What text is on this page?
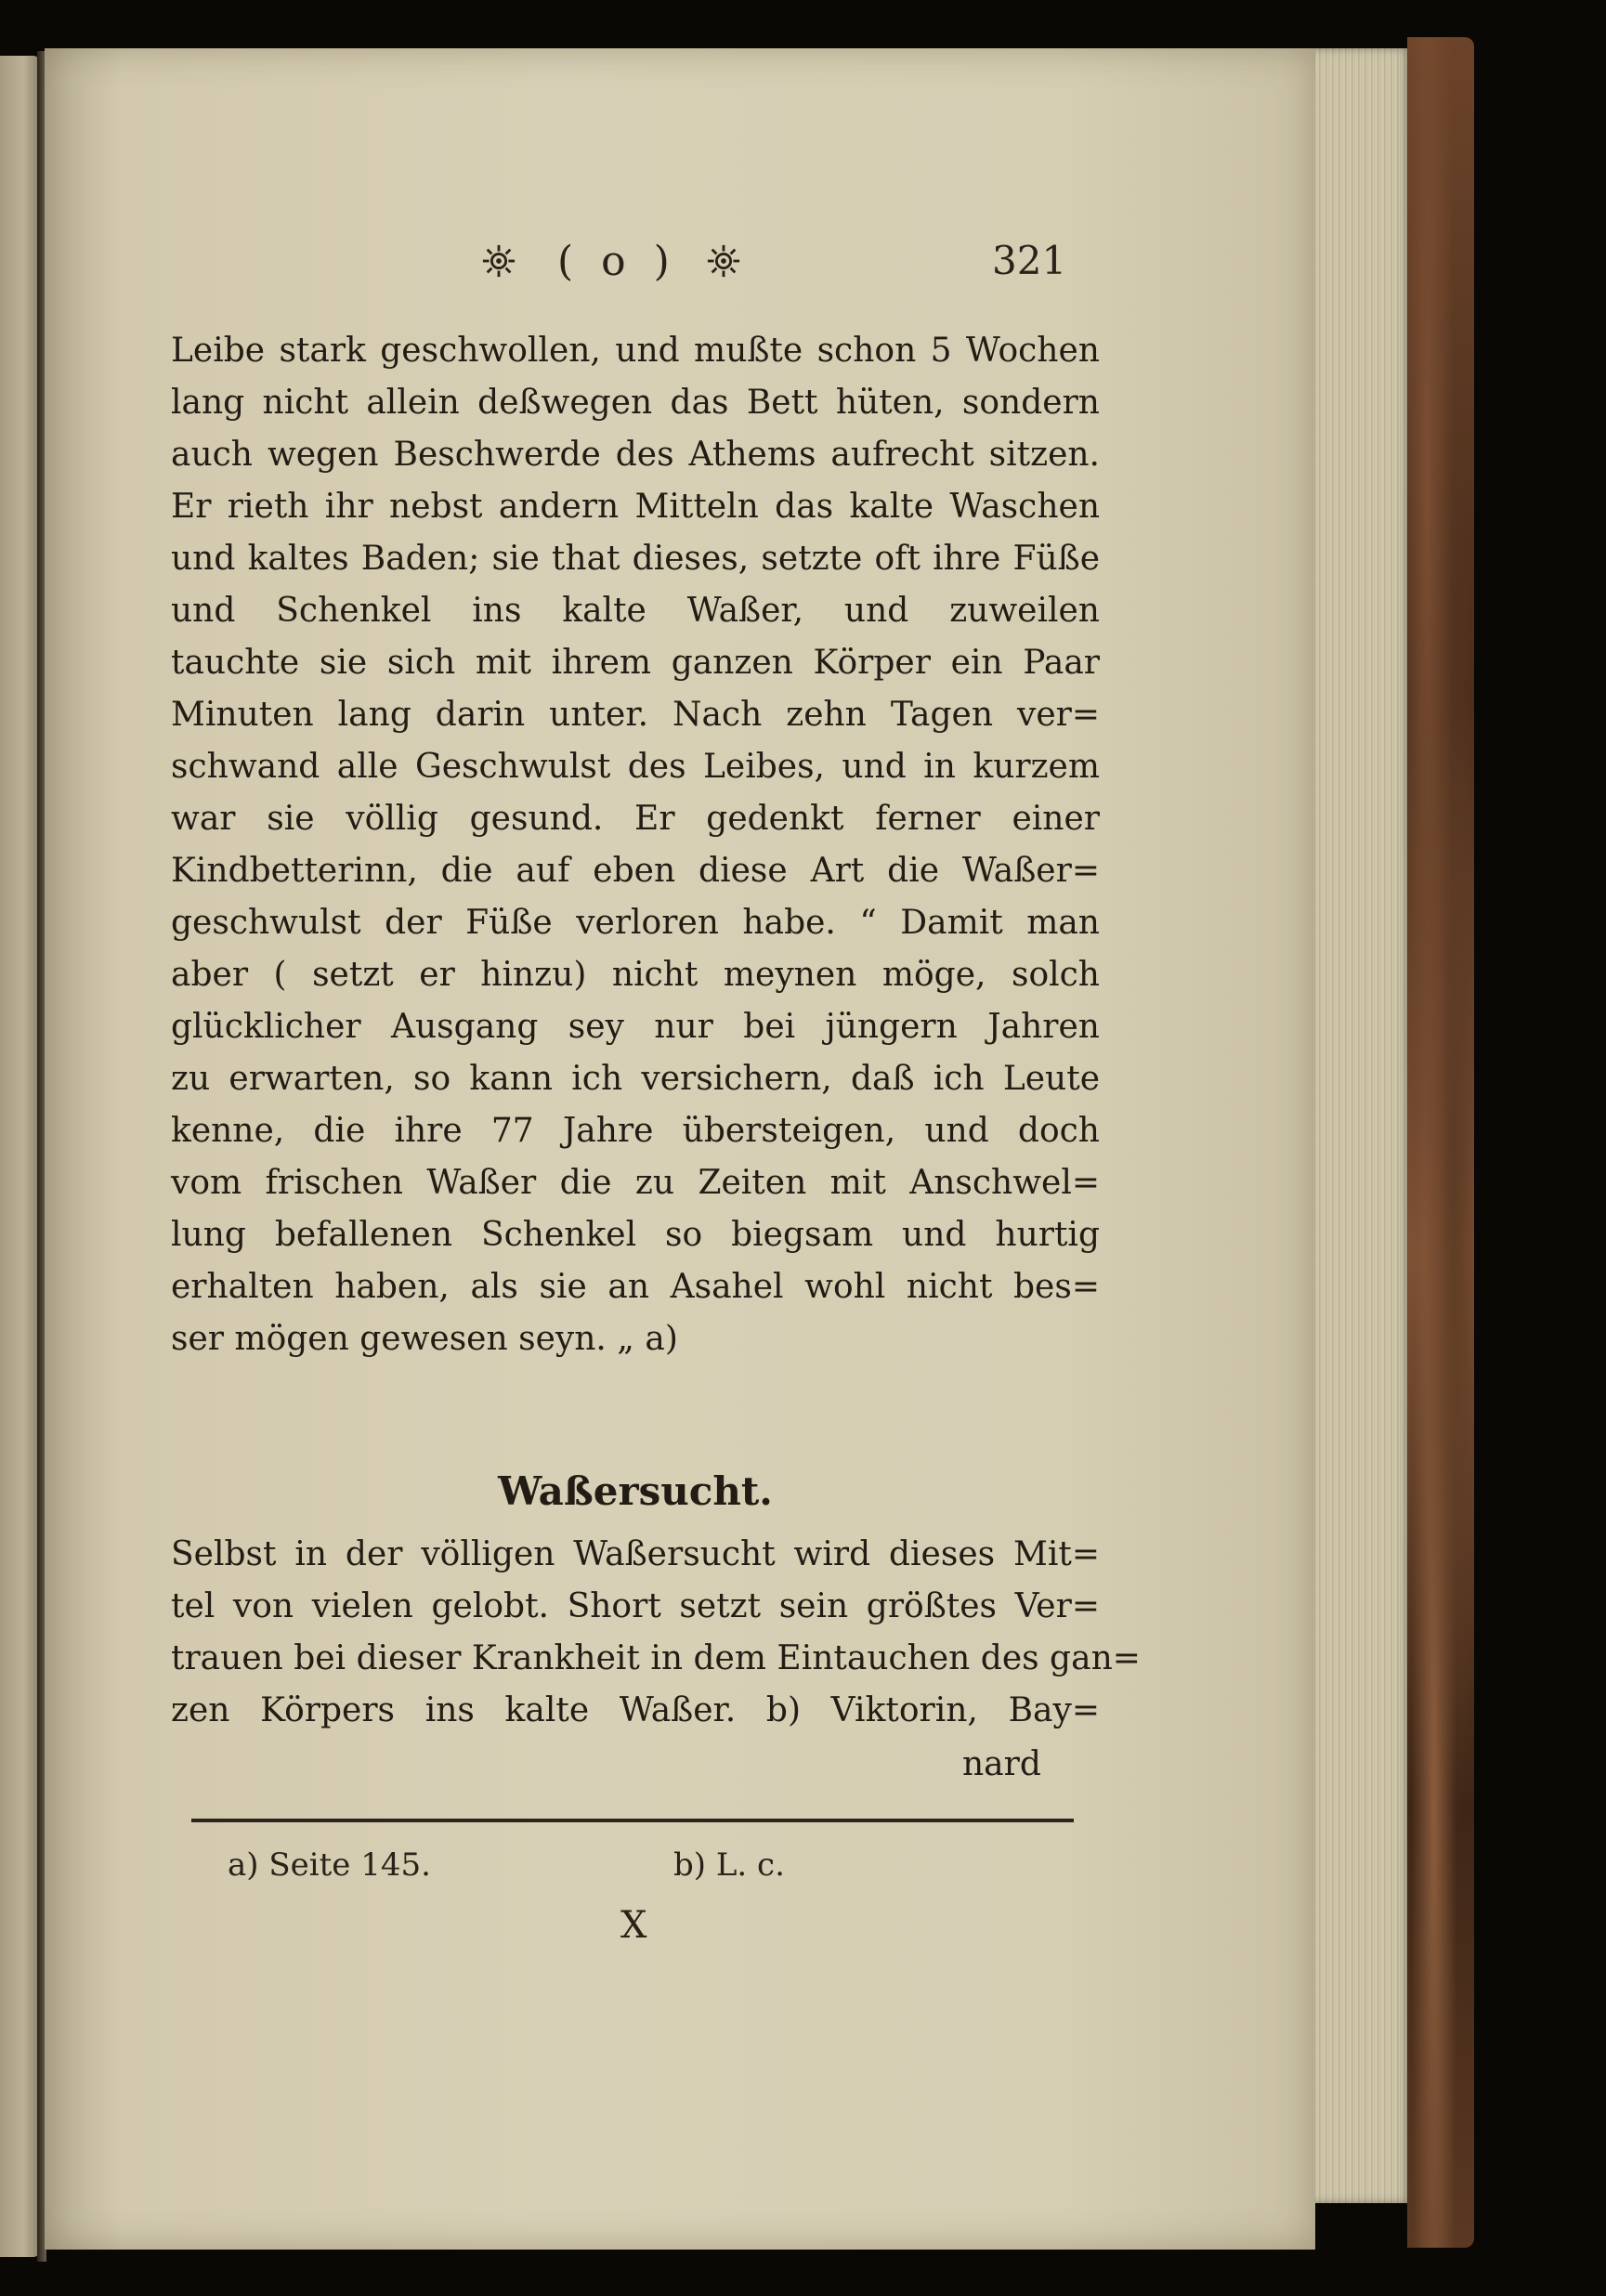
( o )	321
Leibe stark geschwollen, und mußte schon 5 Wochen
lang nicht allein deßwegen das Bett hüten, sondern
auch wegen Beschwerde des Athems aufrecht sitzen.
Er rieth ihr nebst andern Mitteln das kalte Waschen
und kaltes Baden; sie that dieses, setzte oft ihre Füße
und Schenkel ins kalte Waßer, und zuweilen
tauchte sie sich mit ihrem ganzen Körper ein Paar
Minuten lang darin unter. Nach zehn Tagen ver=
schwand alle Geschwulst des Leibes, und in kurzem
war sie völlig gesund. Er gedenkt ferner einer
Kindbetterinn, die auf eben diese Art die Waßer=
geschwulst der Füße verloren habe. “ Damit man
aber ( setzt er hinzu) nicht meynen möge, solch
glücklicher Ausgang sey nur bei jüngern Jahren
zu erwarten, so kann ich versichern, daß ich Leute
kenne, die ihre 77 Jahre übersteigen, und doch
vom frischen Waßer die zu Zeiten mit Anschwel=
lung befallenen Schenkel so biegsam und hurtig
erhalten haben, als sie an Asahel wohl nicht bes=
ser mögen gewesen seyn. „ a)
Waßersucht.
Selbst in der völligen Waßersucht wird dieses Mit=
tel von vielen gelobt. Short setzt sein größtes Ver=
trauen bei dieser Krankheit in dem Eintauchen des gan=
zen Körpers ins kalte Waßer. b) Viktorin, Bay=
nard
a) Seite 145.	b) L. c.
X
